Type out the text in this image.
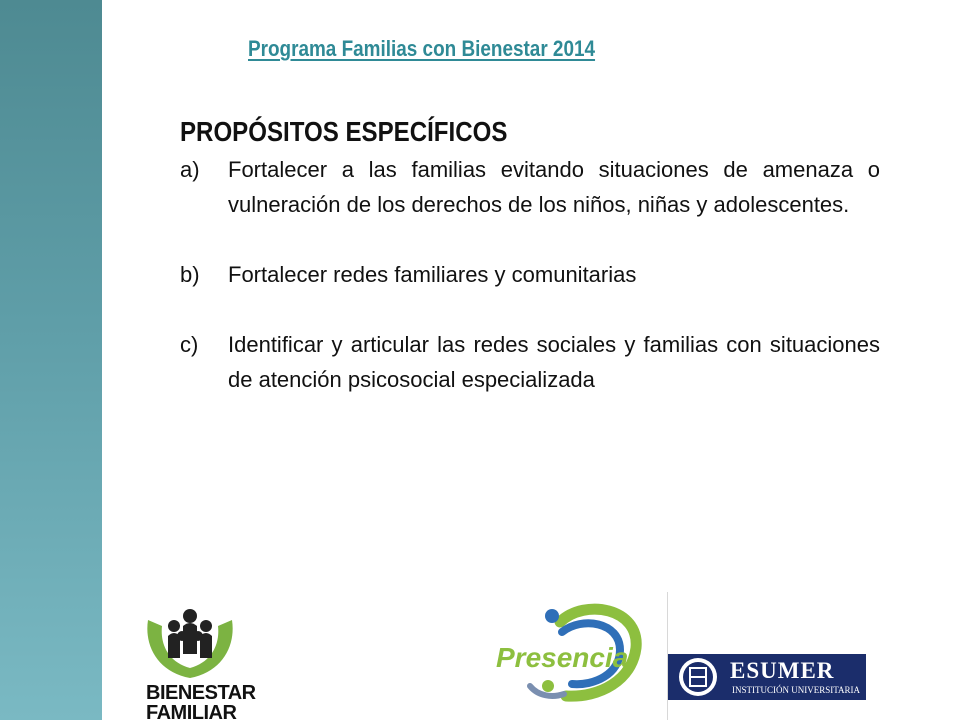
Programa Familias con Bienestar 2014
PROPÓSITOS ESPECÍFICOS
a) Fortalecer a las familias evitando situaciones de amenaza o vulneración de los derechos de los niños, niñas y adolescentes.
b) Fortalecer redes familiares y comunitarias
c) Identificar y articular las redes sociales y familias con situaciones de atención psicosocial especializada
BIENESTAR
FAMILIAR
Presencia	ESUMER
INSTITUCIÓN UNIVERSITARIA
